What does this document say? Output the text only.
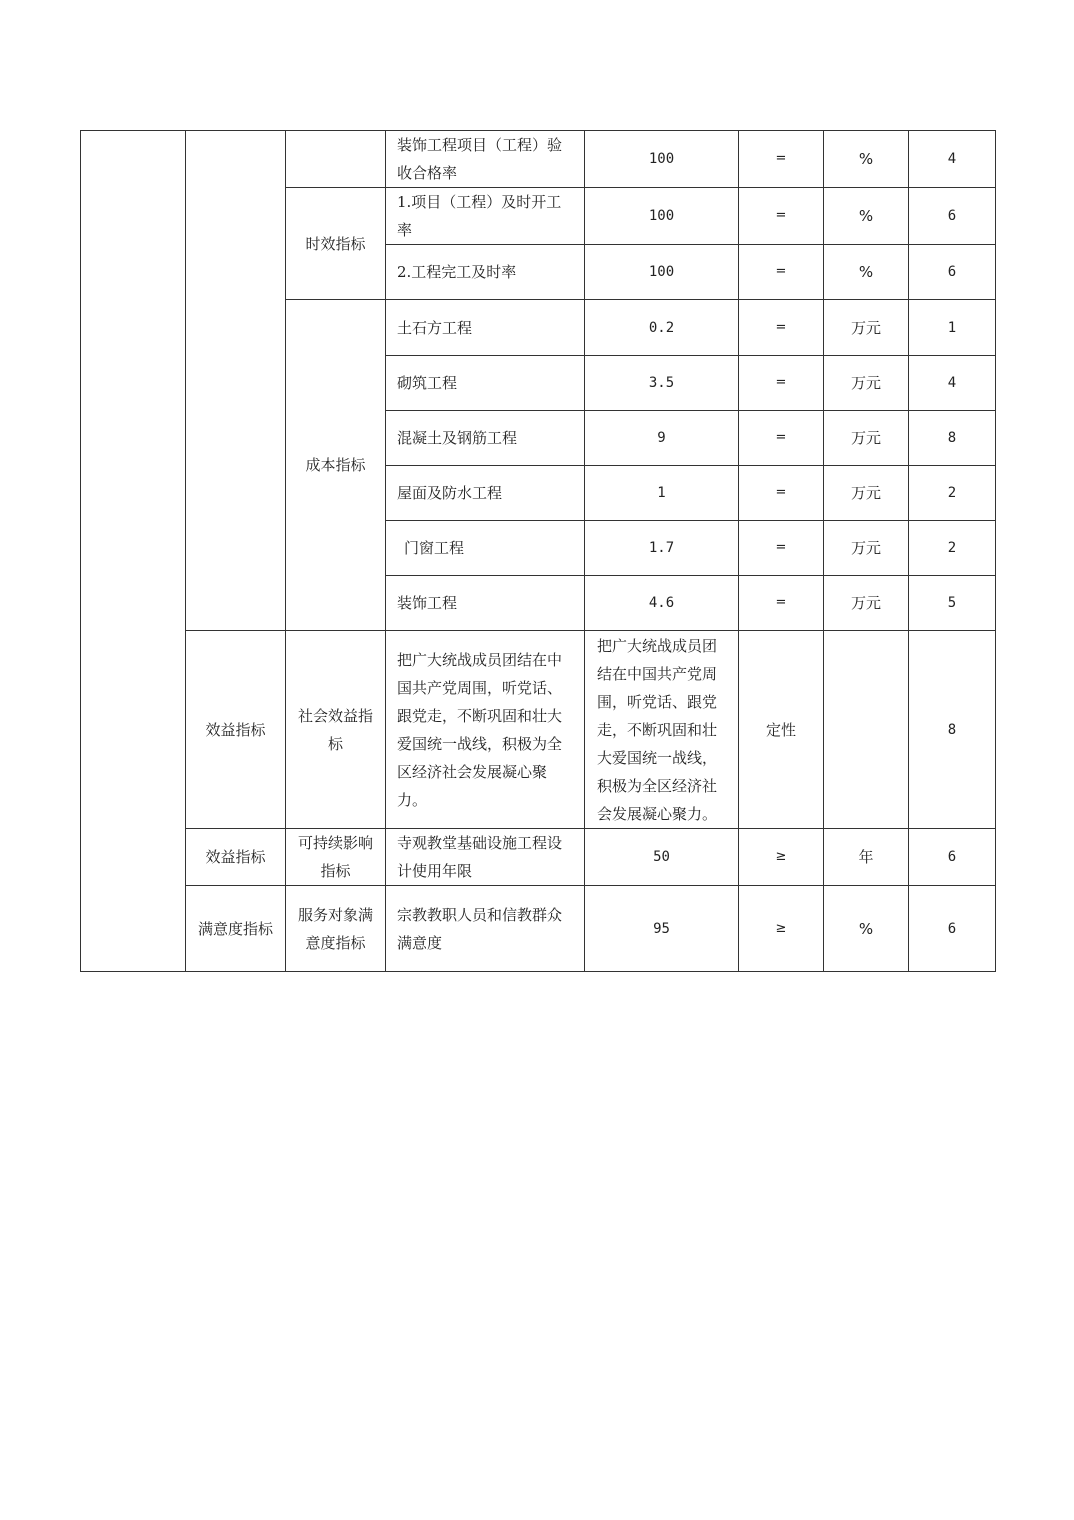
			装饰工程项目（工程）验收合格率	100	=	%	4
		时效指标	1.项目（工程）及时开工率	100	=	%	6
			2.工程完工及时率	100	=	%	6
		成本指标	土石方工程	0.2	=	万元	1
			砌筑工程	3.5	=	万元	4
			混凝土及钢筋工程	9	=	万元	8
			屋面及防水工程	1	=	万元	2
			门窗工程	1.7	=	万元	2
			装饰工程	4.6	=	万元	5
	效益指标	社会效益指标	把广大统战成员团结在中国共产党周围，听党话、跟党走，不断巩固和壮大爱国统一战线，积极为全区经济社会发展凝心聚力。	把广大统战成员团结在中国共产党周围，听党话、跟党走，不断巩固和壮大爱国统一战线，积极为全区经济社会发展凝心聚力。	定性		8
	效益指标	可持续影响指标	寺观教堂基础设施工程设计使用年限	50	≥	年	6
	满意度指标	服务对象满意度指标	宗教教职人员和信教群众满意度	95	≥	%	6
